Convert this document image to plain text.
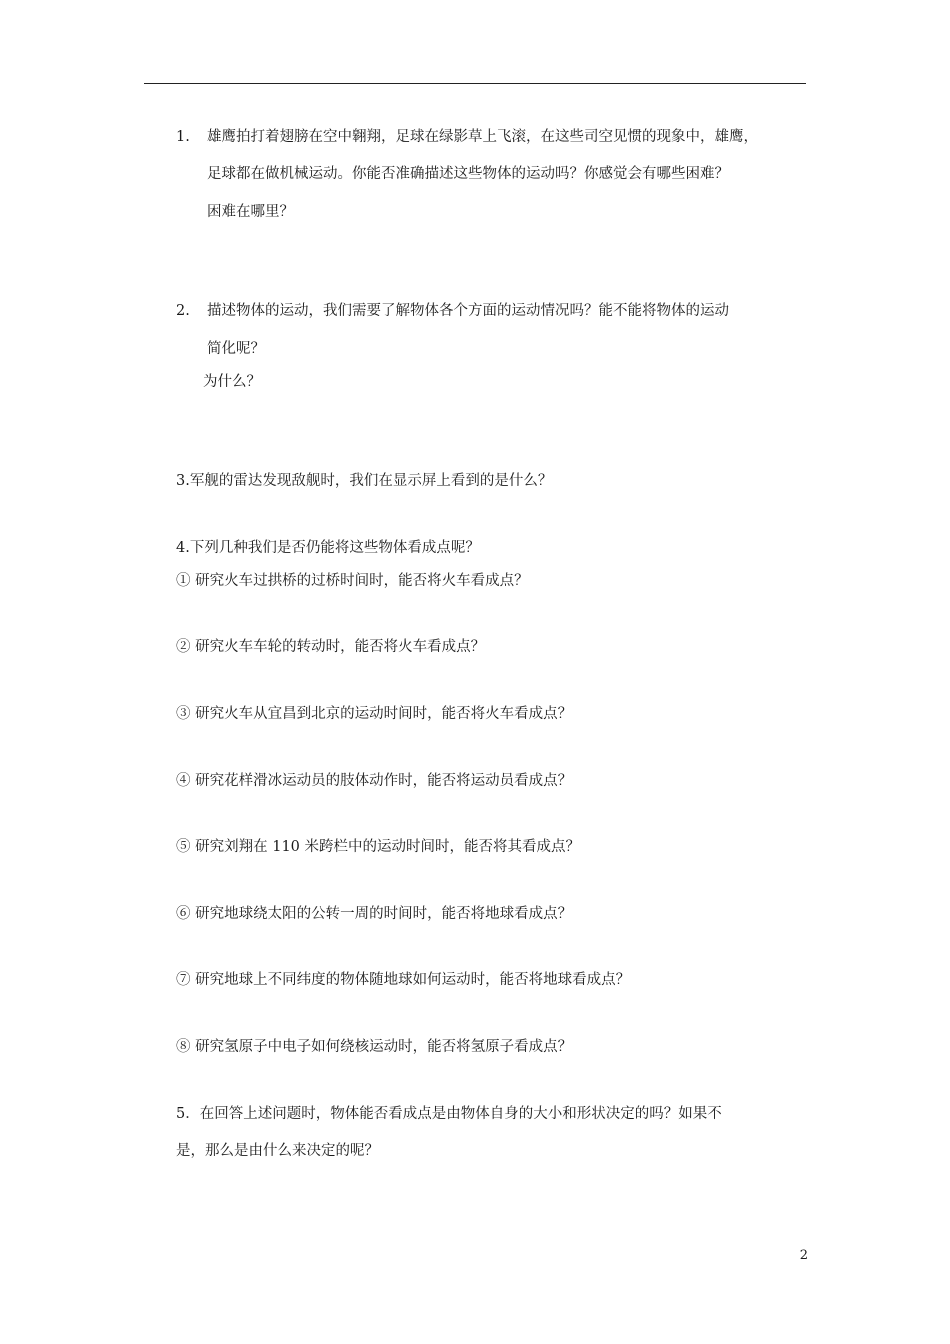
1. 雄鹰拍打着翅膀在空中翱翔，足球在绿影草上飞滚，在这些司空见惯的现象中，雄鹰，
足球都在做机械运动。你能否准确描述这些物体的运动吗？你感觉会有哪些困难？
困难在哪里？
2. 描述物体的运动，我们需要了解物体各个方面的运动情况吗？能不能将物体的运动
简化呢？
为什么？
3.军舰的雷达发现敌舰时，我们在显示屏上看到的是什么？
4.下列几种我们是否仍能将这些物体看成点呢？
① 研究火车过拱桥的过桥时间时，能否将火车看成点？
② 研究火车车轮的转动时，能否将火车看成点？
③ 研究火车从宜昌到北京的运动时间时，能否将火车看成点？
④ 研究花样滑冰运动员的肢体动作时，能否将运动员看成点？
⑤ 研究刘翔在 110 米跨栏中的运动时间时，能否将其看成点？
⑥ 研究地球绕太阳的公转一周的时间时，能否将地球看成点？
⑦ 研究地球上不同纬度的物体随地球如何运动时，能否将地球看成点？
⑧ 研究氢原子中电子如何绕核运动时，能否将氢原子看成点？
5．在回答上述问题时，物体能否看成点是由物体自身的大小和形状决定的吗？如果不
是，那么是由什么来决定的呢？
2
